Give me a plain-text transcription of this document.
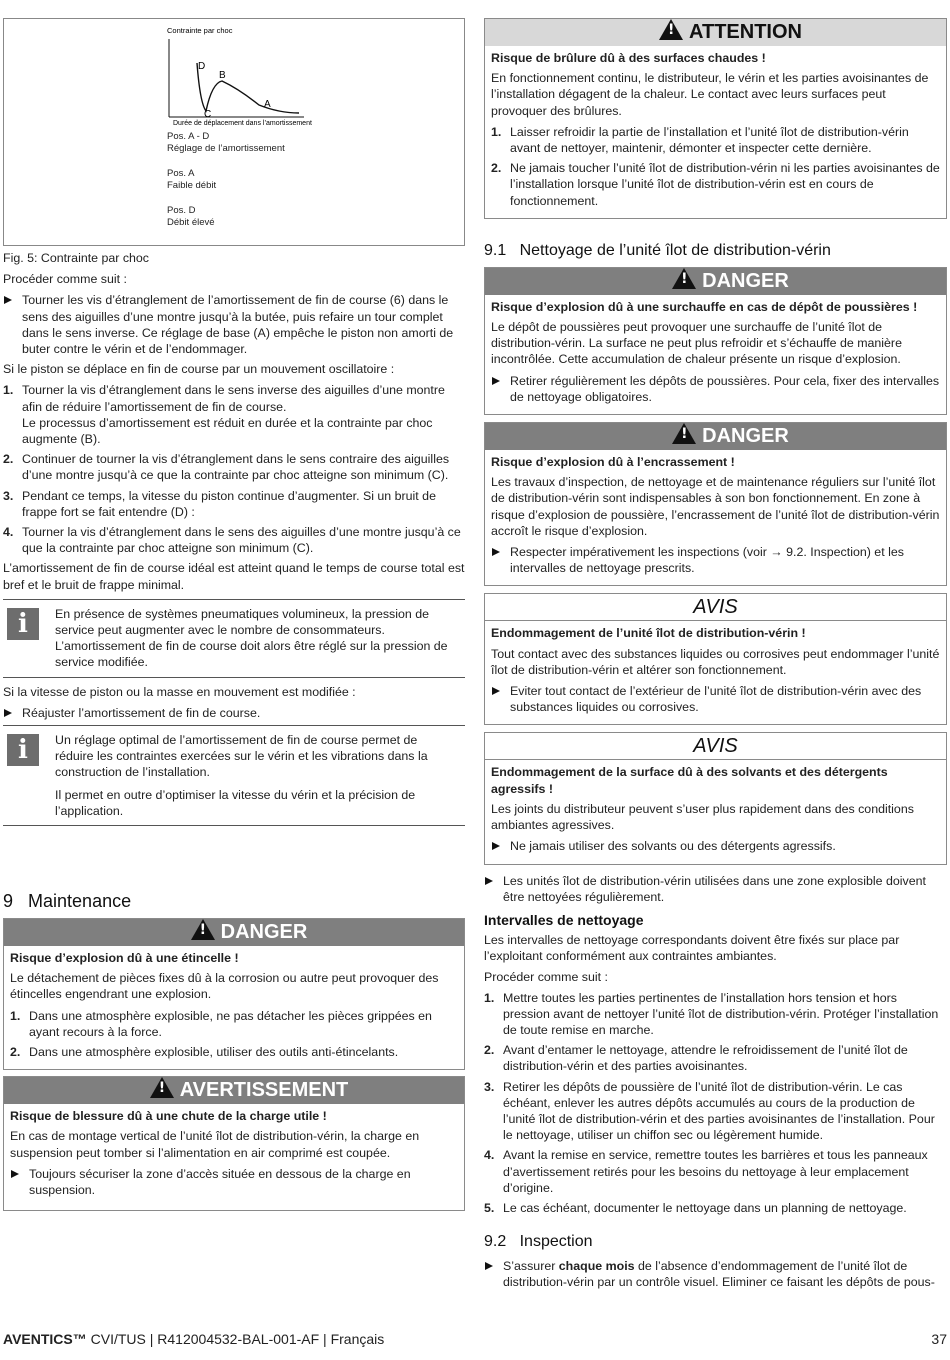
Contrainte par choc
D
B
C
A
Durée de déplacement dans l’amortissement

Pos. A - D

Réglage de l’amortissement

Pos. A

Faible débit

Pos. D

Débit élevé

Fig. 5: Contrainte par choc

Procéder comme suit :

Tourner les vis d’étranglement de l’amortissement de fin de course (6) dans le sens des aiguilles d’une montre jusqu’à la butée, puis refaire un tour complet dans le sens inverse. Ce réglage de base (A) empêche le piston non amorti de buter contre le vérin et de l’endommager.

Si le piston se déplace en fin de course par un mouvement oscillatoire :

1. Tourner la vis d’étranglement dans le sens inverse des aiguilles d’une montre afin de réduire l’amortissement de fin de course.
Le processus d’amortissement est réduit en durée et la contrainte par choc augmente (B).
2. Continuer de tourner la vis d’étranglement dans le sens contraire des aiguilles d’une montre jusqu’à ce que la contrainte par choc atteigne son minimum (C).
3. Pendant ce temps, la vitesse du piston continue d’augmenter. Si un bruit de frappe fort se fait entendre (D) :
4. Tourner la vis d’étranglement dans le sens des aiguilles d’une montre jusqu’à ce que la contrainte par choc atteigne son minimum (C).

L’amortissement de fin de course idéal est atteint quand le temps de course total est bref et le bruit de frappe minimal.

i	En présence de systèmes pneumatiques volumineux, la pression de service peut augmenter avec le nombre de consommateurs. L’amortissement de fin de course doit alors être réglé sur la pression de service modifiée.

Si la vitesse de piston ou la masse en mouvement est modifiée :

Réajuster l’amortissement de fin de course.
i	Un réglage optimal de l’amortissement de fin de course permet de réduire les contraintes exercées sur le vérin et les vibrations dans la construction de l’installation.

Il permet en outre d’optimiser la vitesse du vérin et la précision de l’application.

9 Maintenance
!DANGER

Risque d’explosion dû à une étincelle !

Le détachement de pièces fixes dû à la corrosion ou autre peut provoquer des étincelles engendrant une explosion.

1. Dans une atmosphère explosible, ne pas détacher les pièces grippées en ayant recours à la force.
2. Dans une atmosphère explosible, utiliser des outils anti-étincelants.
!AVERTISSEMENT

Risque de blessure dû à une chute de la charge utile !

En cas de montage vertical de l’unité îlot de distribution-vérin, la charge en suspension peut tomber si l’alimentation en air comprimé est coupée.

Toujours sécuriser la zone d’accès située en dessous de la charge en suspension.
!ATTENTION

Risque de brûlure dû à des surfaces chaudes !

En fonctionnement continu, le distributeur, le vérin et les parties avoisinantes de l’installation dégagent de la chaleur. Le contact avec leurs surfaces peut provoquer des brûlures.

1. Laisser refroidir la partie de l’installation et l’unité îlot de distribution-vérin avant de nettoyer, maintenir, démonter et inspecter cette dernière.
2. Ne jamais toucher l’unité îlot de distribution-vérin ni les parties avoisinantes de l’installation lorsque l’unité îlot de distribution-vérin est en cours de fonctionnement.
9.1 Nettoyage de l’unité îlot de distribution-vérin
!DANGER

Risque d’explosion dû à une surchauffe en cas de dépôt de poussières !

Le dépôt de poussières peut provoquer une surchauffe de l’unité îlot de distribution-vérin. La surface ne peut plus refroidir et s’échauffe de manière incontrôlée. Cette accumulation de chaleur présente un risque d’explosion.

Retirer régulièrement les dépôts de poussières. Pour cela, fixer des intervalles de nettoyage obligatoires.
!DANGER

Risque d’explosion dû à l’encrassement !

Les travaux d’inspection, de nettoyage et de maintenance réguliers sur l’unité îlot de distribution-vérin sont indispensables à son bon fonctionnement. En zone à risque d’explosion de poussière, l’encrassement de l’unité îlot de distribution-vérin accroît le risque d’explosion.

Respecter impérativement les inspections (voir → 9.2. Inspection) et les intervalles de nettoyage prescrits.
AVIS

Endommagement de l’unité îlot de distribution-vérin !

Tout contact avec des substances liquides ou corrosives peut endommager l’unité îlot de distribution-vérin et altérer son fonctionnement.

Eviter tout contact de l’extérieur de l’unité îlot de distribution-vérin avec des substances liquides ou corrosives.
AVIS

Endommagement de la surface dû à des solvants et des détergents agressifs !

Les joints du distributeur peuvent s’user plus rapidement dans des conditions ambiantes agressives.

Ne jamais utiliser des solvants ou des détergents agressifs.
Les unités îlot de distribution-vérin utilisées dans une zone explosible doivent être nettoyées régulièrement.
Intervalles de nettoyage

Les intervalles de nettoyage correspondants doivent être fixés sur place par l’exploitant conformément aux contraintes ambiantes.

Procéder comme suit :

1. Mettre toutes les parties pertinentes de l’installation hors tension et hors pression avant de nettoyer l’unité îlot de distribution-vérin. Protéger l’installation de toute remise en marche.
2. Avant d’entamer le nettoyage, attendre le refroidissement de l’unité îlot de distribution-vérin et des parties avoisinantes.
3. Retirer les dépôts de poussière de l’unité îlot de distribution-vérin. Le cas échéant, enlever les autres dépôts accumulés au cours de la production de l’unité îlot de distribution-vérin et des parties avoisinantes de l’installation. Pour le nettoyage, utiliser un chiffon sec ou légèrement humide.
4. Avant la remise en service, remettre toutes les barrières et tous les panneaux d’avertissement retirés pour les besoins du nettoyage à leur emplacement d’origine.
5. Le cas échéant, documenter le nettoyage dans un planning de nettoyage.
9.2 Inspection
S’assurer chaque mois de l’absence d’endommagement de l’unité îlot de distribution-vérin par un contrôle visuel. Eliminer ce faisant les dépôts de pous-
AVENTICS™ CVI/TUS | R412004532-BAL-001-AF | Français	37
